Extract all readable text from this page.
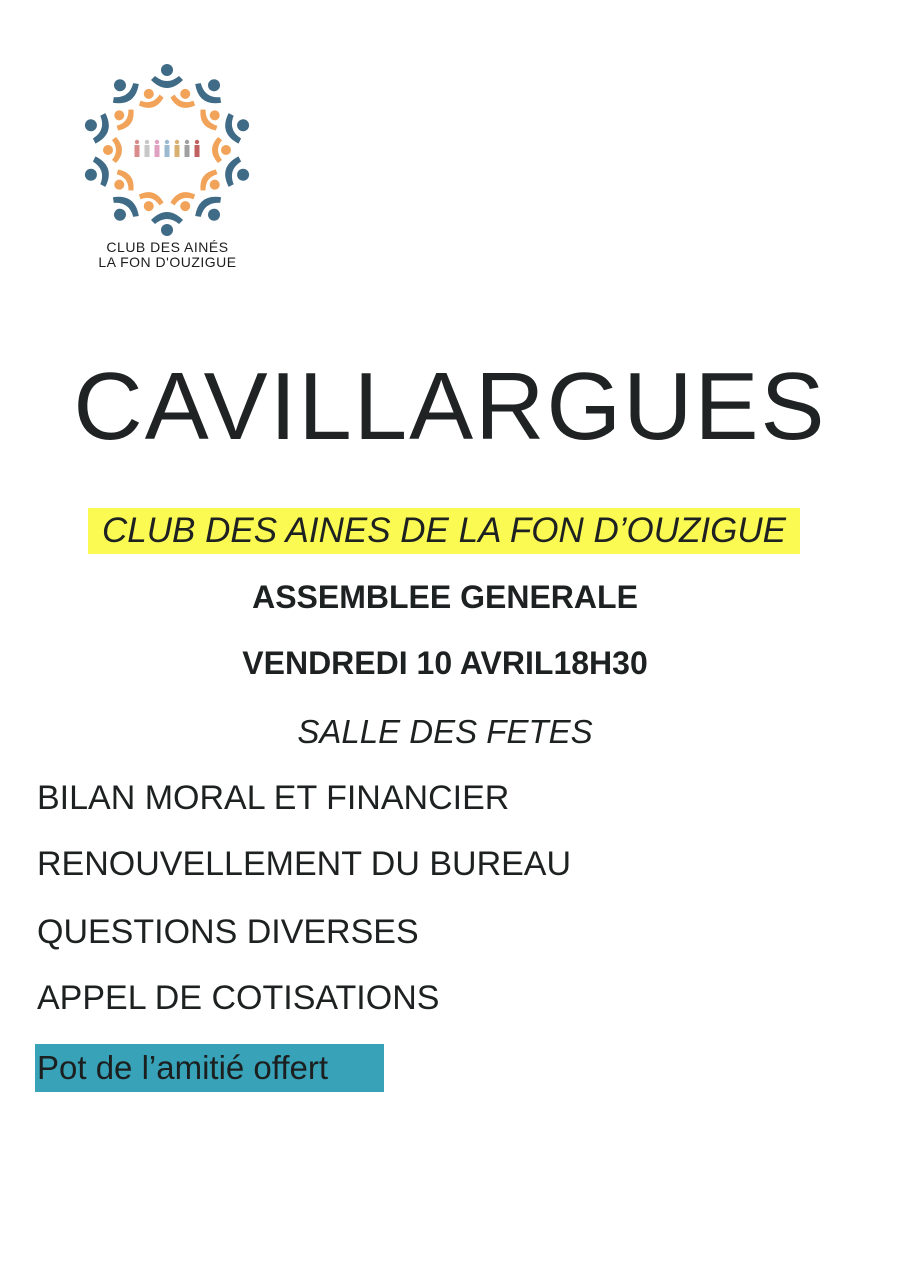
CLUB DES AINÉS
LA FON D'OUZIGUE
CAVILLARGUES
CLUB DES AINES DE LA FON D’OUZIGUE
ASSEMBLEE GENERALE
VENDREDI 10 AVRIL18H30
SALLE DES FETES
BILAN MORAL ET FINANCIER
RENOUVELLEMENT DU BUREAU
QUESTIONS DIVERSES
APPEL DE COTISATIONS
Pot de l’amitié offert
